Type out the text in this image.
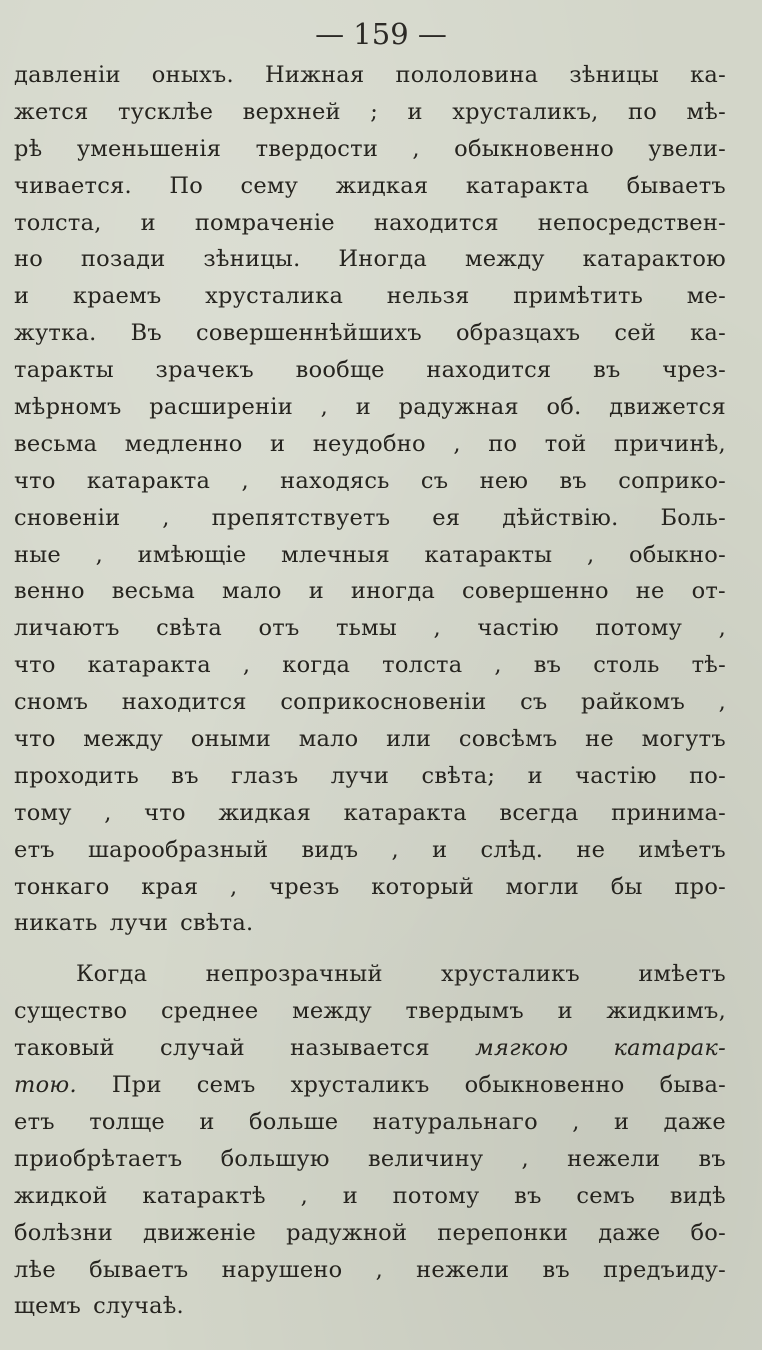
— 159 —
давленіи оныхъ. Нижная пололовина зѣницы ка-
жется тусклѣе верхней ; и хрусталикъ, по мѣ-
рѣ уменьшенія твердости , обыкновенно увели-
чивается. По сему жидкая катаракта бываетъ
толста, и помраченіе находится непосредствен-
но позади зѣницы. Иногда между катарактою
и краемъ хрусталика нельзя примѣтить ме-
жутка. Въ совершеннѣйшихъ образцахъ сей ка-
таракты зрачекъ вообще находится въ чрез-
мѣрномъ расширеніи , и радужная об. движется
весьма медленно и неудобно , по той причинѣ,
что катаракта , находясь съ нею въ соприко-
сновеніи , препятствуетъ ея дѣйствію. Боль-
ные , имѣющіе млечныя катаракты , обыкно-
венно весьма мало и иногда совершенно не от-
личаютъ свѣта отъ тьмы , частію потому ,
что катаракта , когда толста , въ столь тѣ-
сномъ находится соприкосновеніи съ райкомъ ,
что между оными мало или совсѣмъ не могутъ
проходить въ глазъ лучи свѣта; и частію по-
тому , что жидкая катаракта всегда принима-
етъ шарообразный видъ , и слѣд. не имѣетъ
тонкаго края , чрезъ который могли бы про-
никать лучи свѣта.
Когда	непрозрачный	хрусталикъ	имѣетъ
существо среднее между твердымъ и жидкимъ,
таковый случай называется мягкою катарак-
тою. При семъ хрусталикъ обыкновенно быва-
етъ толще и больше натуральнаго , и даже
приобрѣтаетъ большую величину , нежели въ
жидкой катарактѣ , и потому въ семъ видѣ
болѣзни движеніе радужной перепонки даже бо-
лѣе бываетъ нарушено , нежели въ предъиду-
щемъ случаѣ.
